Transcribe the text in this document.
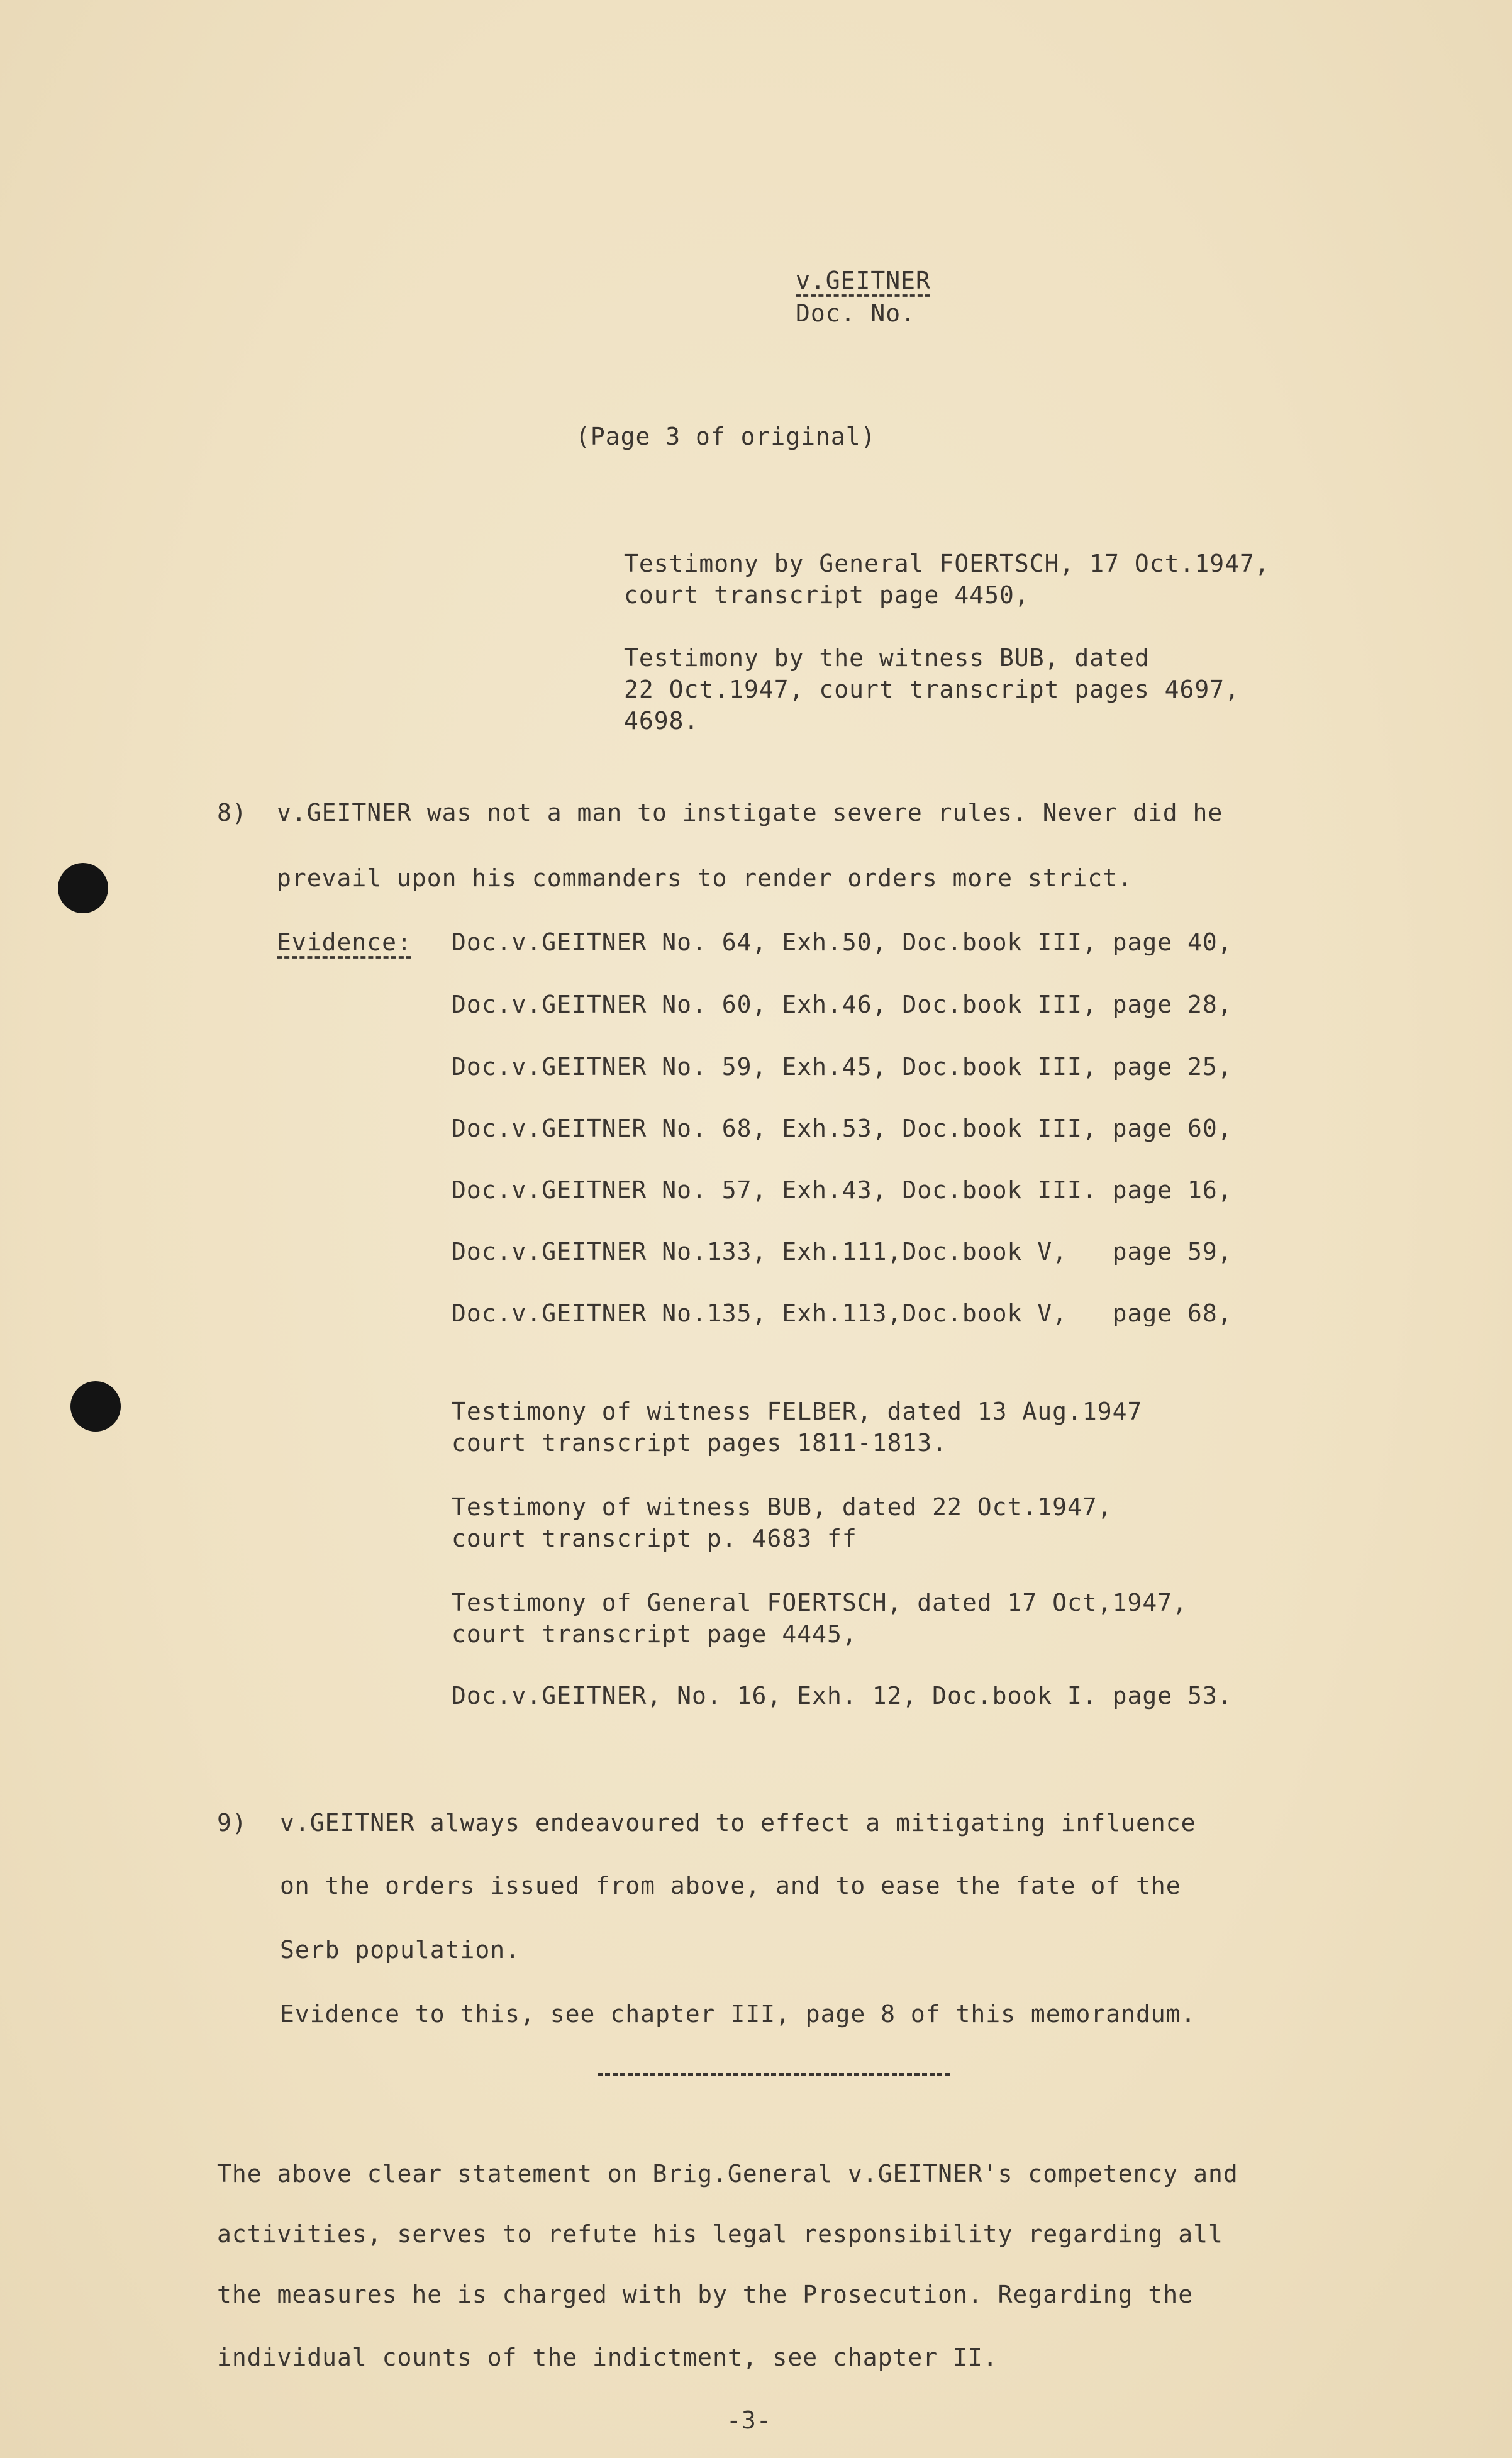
v.GEITNER
Doc. No.
(Page 3 of original)
Testimony by General FOERTSCH, 17 Oct.1947,
court transcript page 4450,
Testimony by the witness BUB, dated
22 Oct.1947, court transcript pages 4697,
4698.
8) v.GEITNER was not a man to instigate severe rules. Never did he
prevail upon his commanders to render orders more strict.
Evidence: Doc.v.GEITNER No. 64, Exh.50, Doc.book III, page 40,
Doc.v.GEITNER No. 60, Exh.46, Doc.book III, page 28,
Doc.v.GEITNER No. 59, Exh.45, Doc.book III, page 25,
Doc.v.GEITNER No. 68, Exh.53, Doc.book III, page 60,
Doc.v.GEITNER No. 57, Exh.43, Doc.book III. page 16,
Doc.v.GEITNER No.133, Exh.111,Doc.book V,   page 59,
Doc.v.GEITNER No.135, Exh.113,Doc.book V,   page 68,
Testimony of witness FELBER, dated 13 Aug.1947
court transcript pages 1811-1813.
Testimony of witness BUB, dated 22 Oct.1947,
court transcript p. 4683 ff
Testimony of General FOERTSCH, dated 17 Oct,1947,
court transcript page 4445,
Doc.v.GEITNER, No. 16, Exh. 12, Doc.book I. page 53.
9) v.GEITNER always endeavoured to effect a mitigating influence
on the orders issued from above, and to ease the fate of the
Serb population.
Evidence to this, see chapter III, page 8 of this memorandum.
The above clear statement on Brig.General v.GEITNER's competency and
activities, serves to refute his legal responsibility regarding all
the measures he is charged with by the Prosecution. Regarding the
individual counts of the indictment, see chapter II.
-3-
